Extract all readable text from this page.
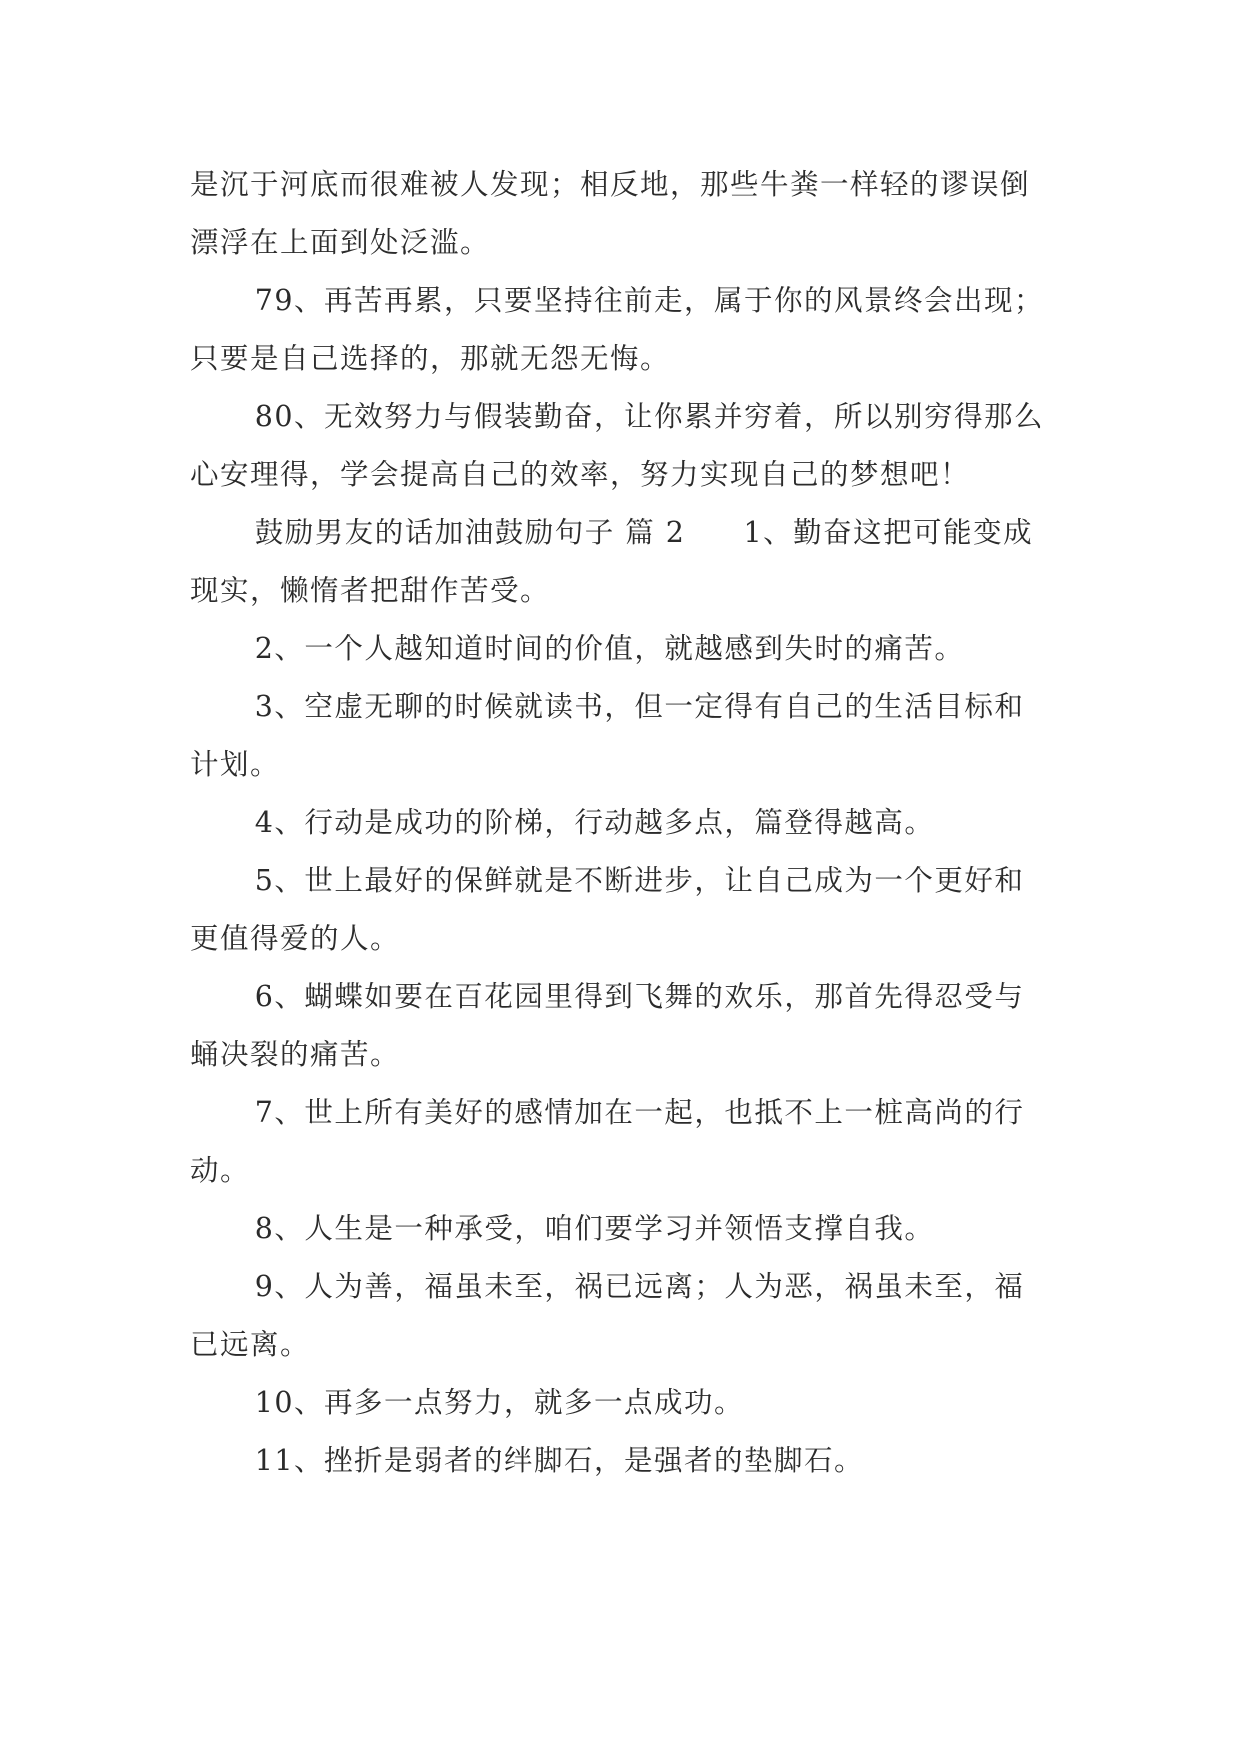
是沉于河底而很难被人发现；相反地，那些牛粪一样轻的谬误倒漂浮在上面到处泛滥。

79、再苦再累，只要坚持往前走，属于你的风景终会出现；只要是自己选择的，那就无怨无悔。

80、无效努力与假装勤奋，让你累并穷着，所以别穷得那么心安理得，学会提高自己的效率，努力实现自己的梦想吧！

鼓励男友的话加油鼓励句子 篇 2 1、勤奋这把可能变成现实，懒惰者把甜作苦受。

2、一个人越知道时间的价值，就越感到失时的痛苦。

3、空虚无聊的时候就读书，但一定得有自己的生活目标和计划。

4、行动是成功的阶梯，行动越多点，篇登得越高。

5、世上最好的保鲜就是不断进步，让自己成为一个更好和更值得爱的人。

6、蝴蝶如要在百花园里得到飞舞的欢乐，那首先得忍受与蛹决裂的痛苦。

7、世上所有美好的感情加在一起，也抵不上一桩高尚的行动。

8、人生是一种承受，咱们要学习并领悟支撑自我。

9、人为善，福虽未至，祸已远离；人为恶，祸虽未至，福已远离。

10、再多一点努力，就多一点成功。

11、挫折是弱者的绊脚石，是强者的垫脚石。
